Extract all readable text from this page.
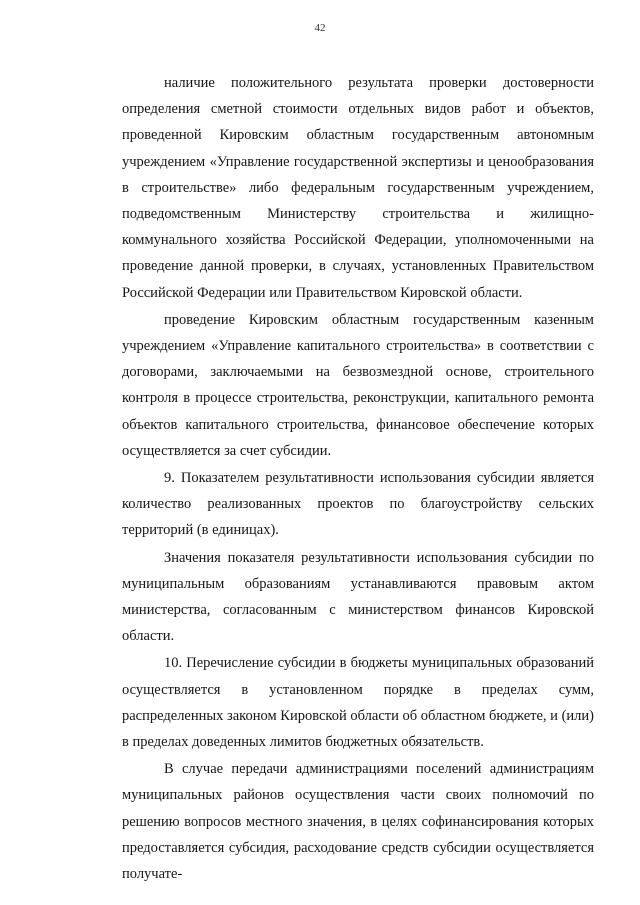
42

наличие положительного результата проверки достоверности определения сметной стоимости отдельных видов работ и объектов, проведенной Кировским областным государственным автономным учреждением «Управление государственной экспертизы и ценообразования в строительстве» либо федеральным государственным учреждением, подведомственным Министерству строительства и жилищно-коммунального хозяйства Российской Федерации, уполномоченными на проведение данной проверки, в случаях, установленных Правительством Российской Федерации или Правительством Кировской области.

проведение Кировским областным государственным казенным учреждением «Управление капитального строительства» в соответствии с договорами, заключаемыми на безвозмездной основе, строительного контроля в процессе строительства, реконструкции, капитального ремонта объектов капитального строительства, финансовое обеспечение которых осуществляется за счет субсидии.

9. Показателем результативности использования субсидии является количество реализованных проектов по благоустройству сельских территорий (в единицах).

Значения показателя результативности использования субсидии по муниципальным образованиям устанавливаются правовым актом министерства, согласованным с министерством финансов Кировской области.

10. Перечисление субсидии в бюджеты муниципальных образований осуществляется в установленном порядке в пределах сумм, распределенных законом Кировской области об областном бюджете, и (или) в пределах доведенных лимитов бюджетных обязательств.

В случае передачи администрациями поселений администрациям муниципальных районов осуществления части своих полномочий по решению вопросов местного значения, в целях софинансирования которых предоставляется субсидия, расходование средств субсидии осуществляется получате-
